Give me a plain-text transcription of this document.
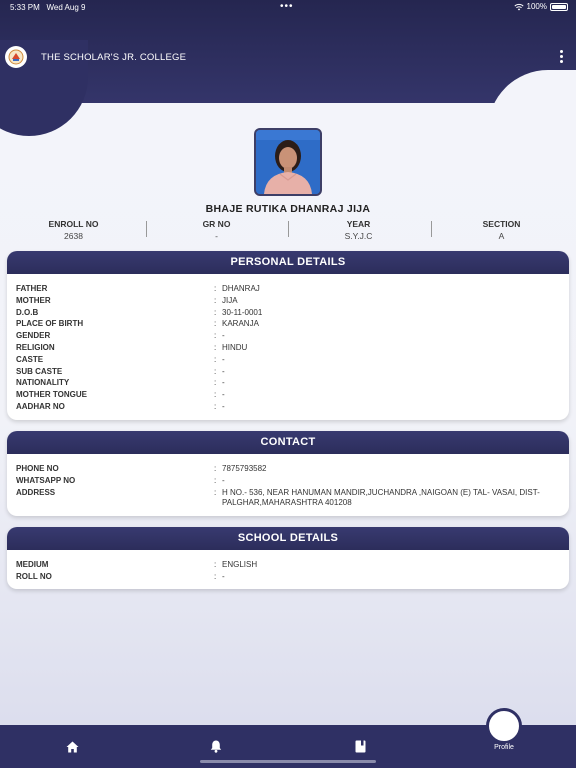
5:33 PM Wed Aug 9	•••	100%
THE SCHOLAR'S JR. COLLEGE
BHAJE RUTIKA DHANRAJ JIJA
ENROLL NO
2638
GR NO
-
YEAR
S.Y.J.C
SECTION
A
PERSONAL DETAILS
FATHER	: DHANRAJ
MOTHER	: JIJA
D.O.B	: 30-11-0001
PLACE OF BIRTH	: KARANJA
GENDER	: -
RELIGION	: HINDU
CASTE	: -
SUB CASTE	: -
NATIONALITY	: -
MOTHER TONGUE	: -
AADHAR NO	: -
CONTACT
PHONE NO	: 7875793582
WHATSAPP NO	: -
ADDRESS	: H NO.- 536, NEAR HANUMAN MANDIR,JUCHANDRA ,NAIGOAN (E) TAL- VASAI, DIST-PALGHAR,MAHARASHTRA 401208
SCHOOL DETAILS
MEDIUM	: ENGLISH
ROLL NO	: -
Profile
